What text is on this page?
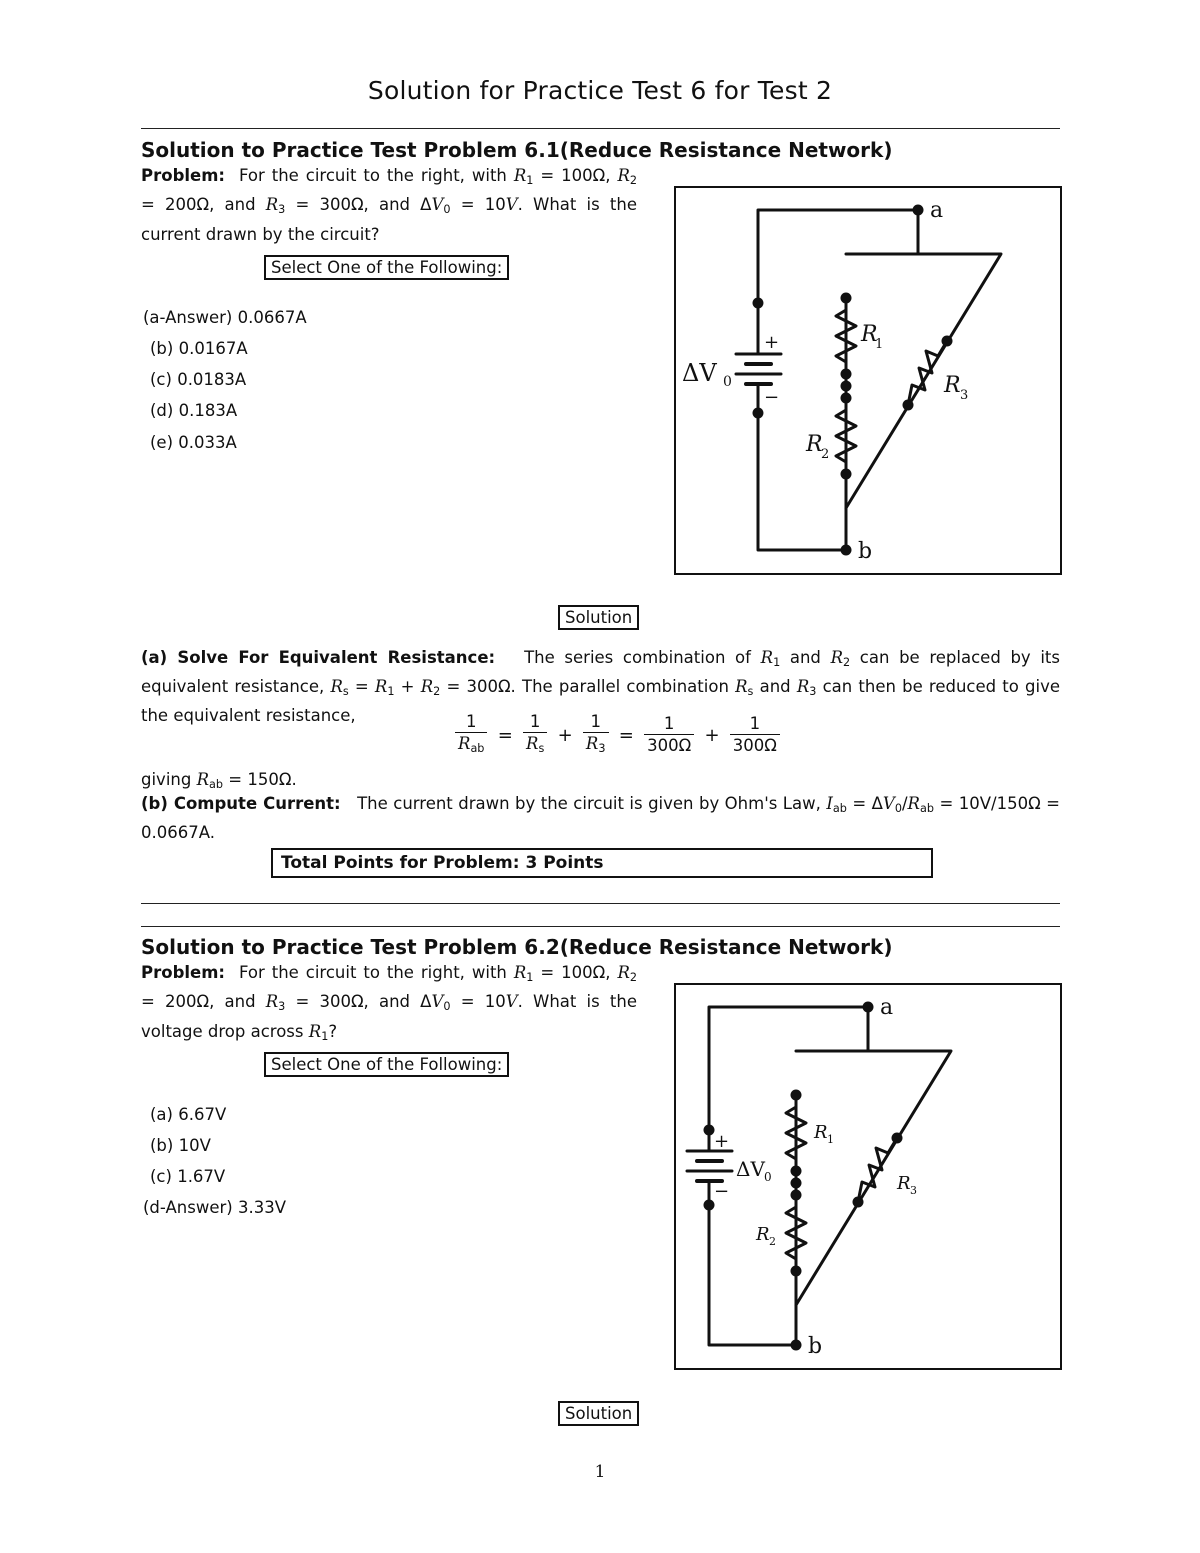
Solution for Practice Test 6 for Test 2
Solution to Practice Test Problem 6.1(Reduce Resistance Network)
Problem: For the circuit to the right, with $R_1 = 100\Omega$, $R_2 = 200\Omega$, and $R_3 = 300\Omega$, and $\Delta V_0 = 10V$. What is the current drawn by the circuit?
Select One of the Following:
(a-Answer) 0.0667A
(b) 0.0167A
(c) 0.0183A
(d) 0.183A
(e) 0.033A
a
b
+
−
ΔV 0
R
1
R
2
R 3
Solution
(a) Solve For Equivalent Resistance: The series combination of $R_1$ and $R_2$ can be replaced by its equivalent resistance, $R_s = R_1 + R_2 = 300\Omega$. The parallel combination $R_s$ and $R_3$ can then be reduced to give the equivalent resistance,	$\frac{1}{R_{ab}} = \frac{1}{R_s} + \frac{1}{R_3} = \frac{1}{300\Omega} + \frac{1}{300\Omega}$
giving $R_{ab} = 150\Omega$.
(b) Compute Current: The current drawn by the circuit is given by Ohm's Law, $I_{ab} = \Delta V_0/R_{ab} = 10V/150\Omega = 0.0667A$.
Total Points for Problem: 3 Points
Solution to Practice Test Problem 6.2(Reduce Resistance Network)
Problem: For the circuit to the right, with $R_1 = 100\Omega$, $R_2 = 200\Omega$, and $R_3 = 300\Omega$, and $\Delta V_0 = 10V$. What is the voltage drop across $R_1$?
Select One of the Following:
(a) 6.67V
(b) 10V
(c) 1.67V
(d-Answer) 3.33V
a
b
+
−
ΔV 0
R 1
R 2
R 3
Solution
1
